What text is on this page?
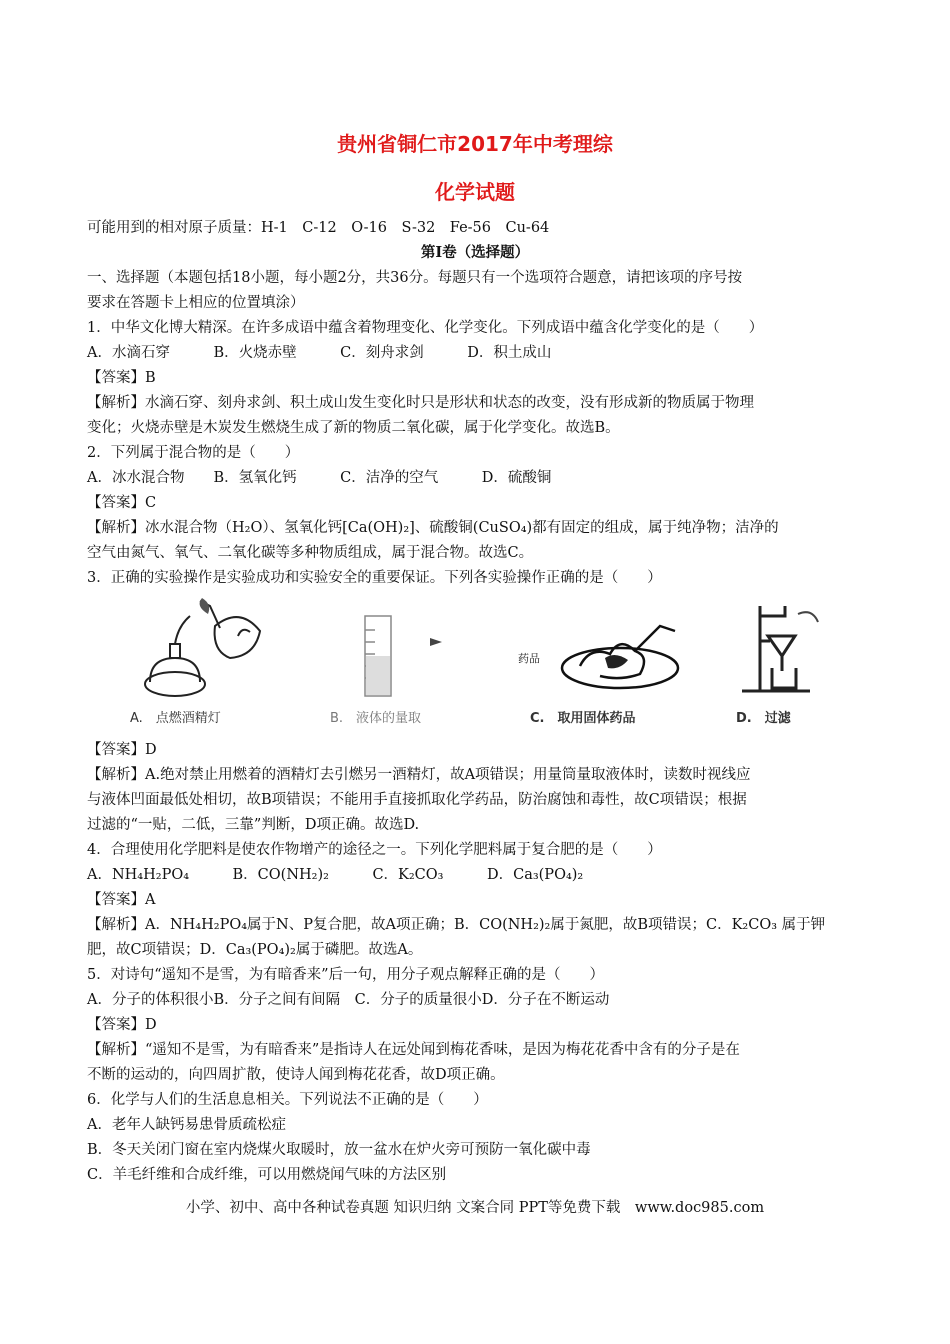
贵州省铜仁市2017年中考理综
化学试题
可能用到的相对原子质量：H-1　C-12　O-16　S-32　Fe-56　Cu-64
第Ⅰ卷（选择题）
一、选择题（本题包括18小题，每小题2分，共36分。每题只有一个选项符合题意，请把该项的序号按
要求在答题卡上相应的位置填涂）
1．中华文化博大精深。在许多成语中蕴含着物理变化、化学变化。下列成语中蕴含化学变化的是（　　）
A．水滴石穿　　　B．火烧赤壁　　　C．刻舟求剑　　　D．积土成山
【答案】B
【解析】水滴石穿、刻舟求剑、积土成山发生变化时只是形状和状态的改变，没有形成新的物质属于物理
变化；火烧赤壁是木炭发生燃烧生成了新的物质二氧化碳，属于化学变化。故选B。
2．下列属于混合物的是（　　）
A．冰水混合物　　B．氢氧化钙　　　C．洁净的空气　　　D．硫酸铜
【答案】C
【解析】冰水混合物（H₂O）、氢氧化钙[Ca(OH)₂]、硫酸铜(CuSO₄)都有固定的组成，属于纯净物；洁净的
空气由氮气、氧气、二氧化碳等多种物质组成，属于混合物。故选C。
3．正确的实验操作是实验成功和实验安全的重要保证。下列各实验操作正确的是（　　）
A.　点燃酒精灯	B.　液体的量取
药品
C.　取用固体药品	D.　过滤
【答案】D
【解析】A.绝对禁止用燃着的酒精灯去引燃另一酒精灯，故A项错误；用量筒量取液体时，读数时视线应
与液体凹面最低处相切，故B项错误；不能用手直接抓取化学药品，防治腐蚀和毒性，故C项错误；根据
过滤的“一贴，二低，三靠”判断，D项正确。故选D.
4．合理使用化学肥料是使农作物增产的途径之一。下列化学肥料属于复合肥的是（　　）
A．NH₄H₂PO₄　　　B．CO(NH₂)₂　　　C．K₂CO₃　　　D．Ca₃(PO₄)₂
【答案】A
【解析】A．NH₄H₂PO₄属于N、P复合肥，故A项正确；B．CO(NH₂)₂属于氮肥，故B项错误；C．K₂CO₃ 属于钾
肥，故C项错误；D．Ca₃(PO₄)₂属于磷肥。故选A。
5．对诗句“遥知不是雪，为有暗香来”后一句，用分子观点解释正确的是（　　）
A．分子的体积很小B．分子之间有间隔　C．分子的质量很小D．分子在不断运动
【答案】D
【解析】“遥知不是雪，为有暗香来”是指诗人在远处闻到梅花香味，是因为梅花花香中含有的分子是在
不断的运动的，向四周扩散，使诗人闻到梅花花香，故D项正确。
6．化学与人们的生活息息相关。下列说法不正确的是（　　）
A．老年人缺钙易患骨质疏松症
B．冬天关闭门窗在室内烧煤火取暖时，放一盆水在炉火旁可预防一氧化碳中毒
C．羊毛纤维和合成纤维，可以用燃烧闻气味的方法区别
小学、初中、高中各种试卷真题 知识归纳 文案合同 PPT等免费下载　www.doc985.com
